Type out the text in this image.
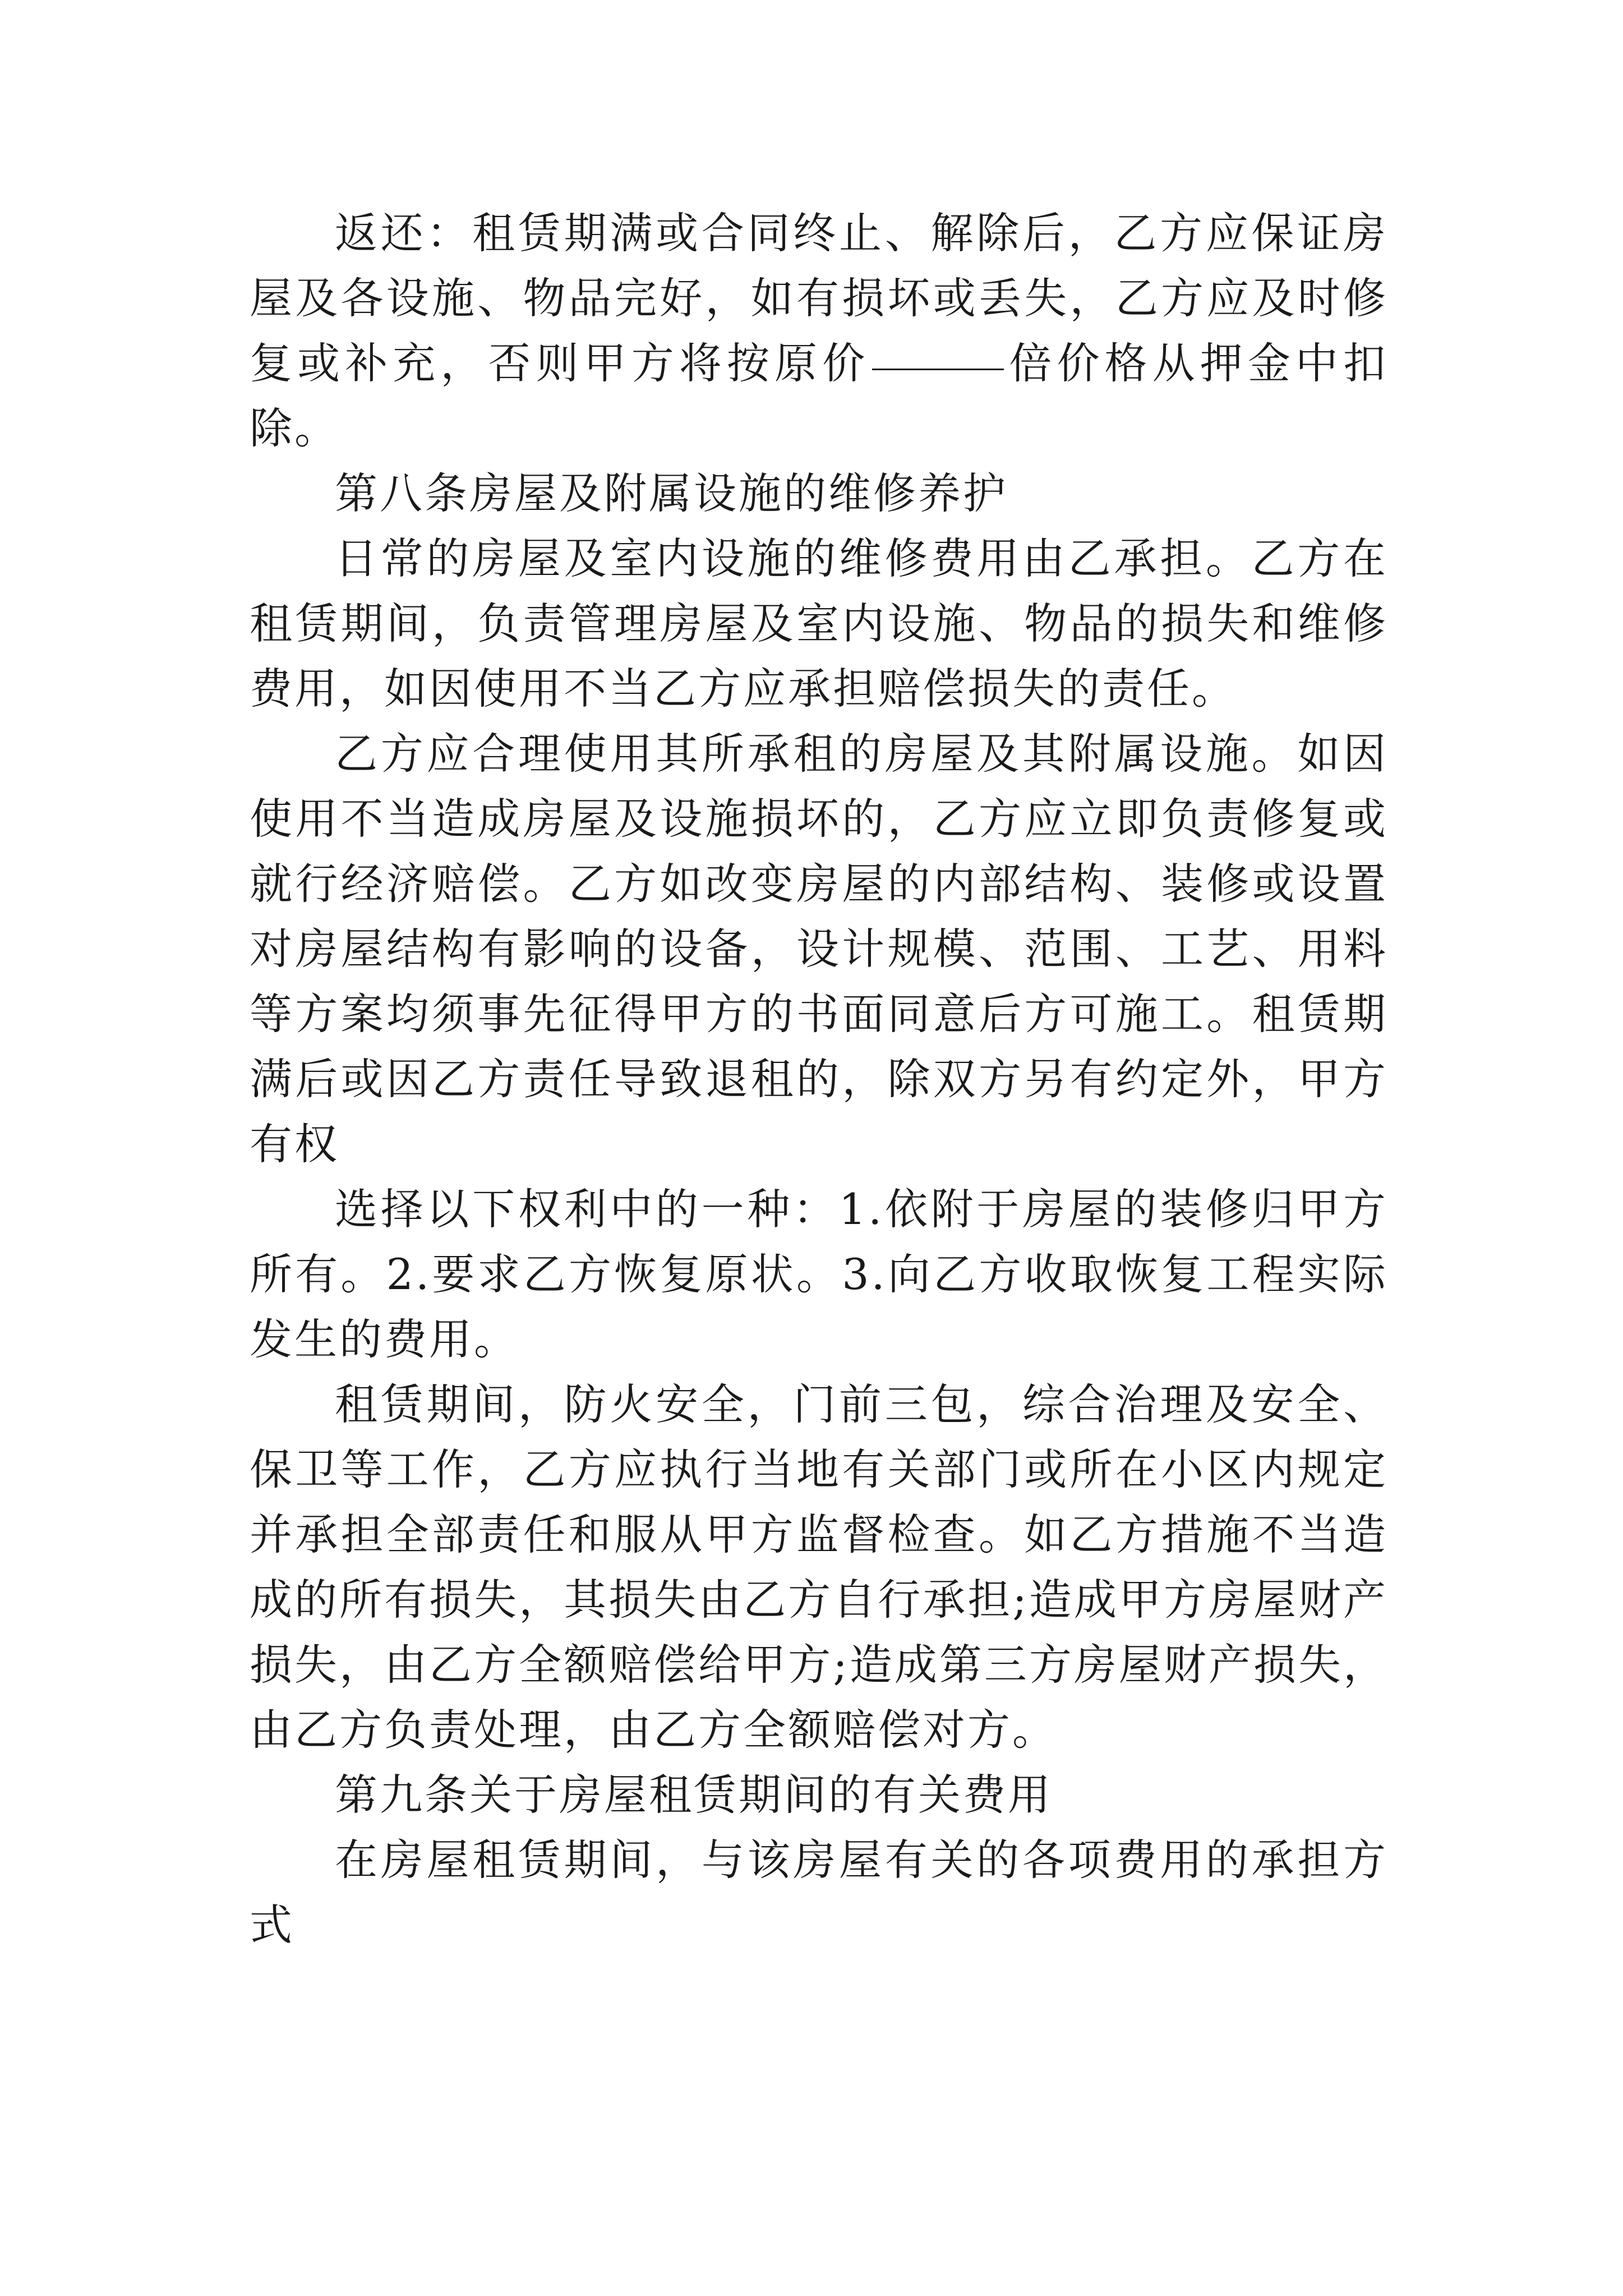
返还：租赁期满或合同终止、解除后，乙方应保证房屋及各设施、物品完好，如有损坏或丢失，乙方应及时修复或补充，否则甲方将按原价	倍价格从押金中扣除。

第八条房屋及附属设施的维修养护

日常的房屋及室内设施的维修费用由乙承担。乙方在租赁期间，负责管理房屋及室内设施、物品的损失和维修费用，如因使用不当乙方应承担赔偿损失的责任。

乙方应合理使用其所承租的房屋及其附属设施。如因使用不当造成房屋及设施损坏的，乙方应立即负责修复或就行经济赔偿。乙方如改变房屋的内部结构、装修或设置对房屋结构有影响的设备，设计规模、范围、工艺、用料等方案均须事先征得甲方的书面同意后方可施工。租赁期满后或因乙方责任导致退租的，除双方另有约定外，甲方有权

选择以下权利中的一种：1.依附于房屋的装修归甲方所有。2.要求乙方恢复原状。3.向乙方收取恢复工程实际发生的费用。

租赁期间，防火安全，门前三包，综合治理及安全、保卫等工作，乙方应执行当地有关部门或所在小区内规定并承担全部责任和服从甲方监督检查。如乙方措施不当造成的所有损失，其损失由乙方自行承担;造成甲方房屋财产损失，由乙方全额赔偿给甲方;造成第三方房屋财产损失，由乙方负责处理，由乙方全额赔偿对方。

第九条关于房屋租赁期间的有关费用

在房屋租赁期间，与该房屋有关的各项费用的承担方式
